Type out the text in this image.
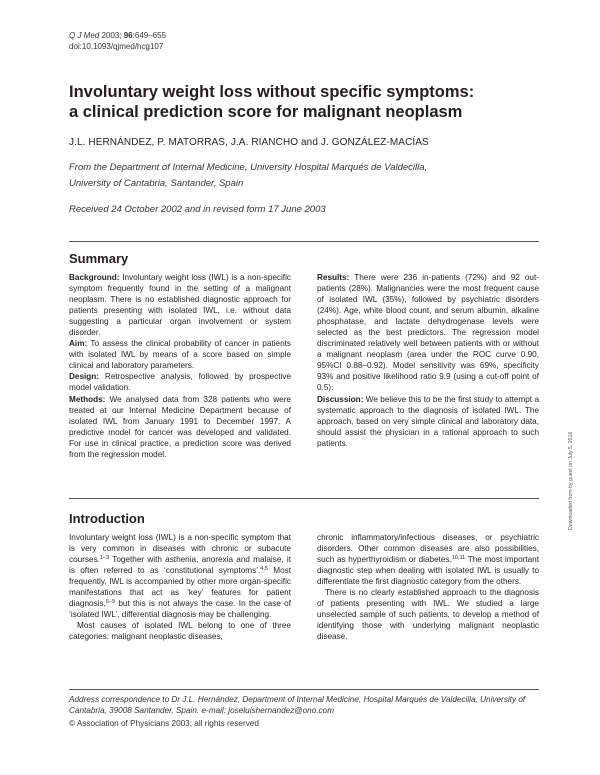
Q J Med 2003; 96:649–655
doi:10.1093/qjmed/hcg107
Involuntary weight loss without specific symptoms:
a clinical prediction score for malignant neoplasm
J.L. HERNÁNDEZ, P. MATORRAS, J.A. RIANCHO and J. GONZÁLEZ-MACÍAS
From the Department of Internal Medicine, University Hospital Marqués de Valdecilla,
University of Cantabria, Santander, Spain
Received 24 October 2002 and in revised form 17 June 2003
Summary

Background: Involuntary weight loss (IWL) is a non-specific symptom frequently found in the setting of a malignant neoplasm. There is no established diagnostic approach for patients presenting with isolated IWL, i.e. without data suggesting a particular organ involvement or system disorder.

Aim: To assess the clinical probability of cancer in patients with isolated IWL by means of a score based on simple clinical and laboratory parameters.

Design: Retrospective analysis, followed by prospective model validation.

Methods: We analysed data from 328 patients who were treated at our Internal Medicine Department because of isolated IWL from January 1991 to December 1997. A predictive model for cancer was developed and validated. For use in clinical practice, a prediction score was derived from the regression model.

Results: There were 236 in-patients (72%) and 92 out-patients (28%). Malignancies were the most frequent cause of isolated IWL (35%), followed by psychiatric disorders (24%). Age, white blood count, and serum albumin, alkaline phosphatase, and lactate dehydrogenase levels were selected as the best predictors. The regression model discriminated relatively well between patients with or without a malignant neoplasm (area under the ROC curve 0.90, 95%CI 0.88–0.92). Model sensitivity was 69%, specificity 93% and positive likelihood ratio 9.9 (using a cut-off point of 0.5).

Discussion: We believe this to be the first study to attempt a systematic approach to the diagnosis of isolated IWL. The approach, based on very simple clinical and laboratory data, should assist the physician in a rational approach to such patients.

Introduction

Involuntary weight loss (IWL) is a non-specific symptom that is very common in diseases with chronic or subacute courses.$^{1-3}$ Together with asthenia, anorexia and malaise, it is often referred to as ‘constitutional symptoms’.$^{4,5}$ Most frequently, IWL is accompanied by other more organ-specific manifestations that act as ‘key’ features for patient diagnosis,$^{6-9}$ but this is not always the case. In the case of ‘isolated IWL’, differential diagnosis may be challenging.

Most causes of isolated IWL belong to one of three categories: malignant neoplastic diseases,

chronic inflammatory/infectious diseases, or psychiatric disorders. Other common diseases are also possibilities, such as hyperthyroidism or diabetes.$^{10,11}$ The most important diagnostic step when dealing with isolated IWL is usually to differentiate the first diagnostic category from the others.

There is no clearly established approach to the diagnosis of patients presenting with IWL. We studied a large unselected sample of such patients, to develop a method of identifying those with underlying malignant neoplastic disease.

Address correspondence to Dr J.L. Hernández, Department of Internal Medicine, Hospital Marqués de Valdecilla, University of Cantabria, 39008 Santander, Spain. e-mail: joseluishernandez@ono.com
© Association of Physicians 2003; all rights reserved
Downloaded from by guest on July 5, 2016
